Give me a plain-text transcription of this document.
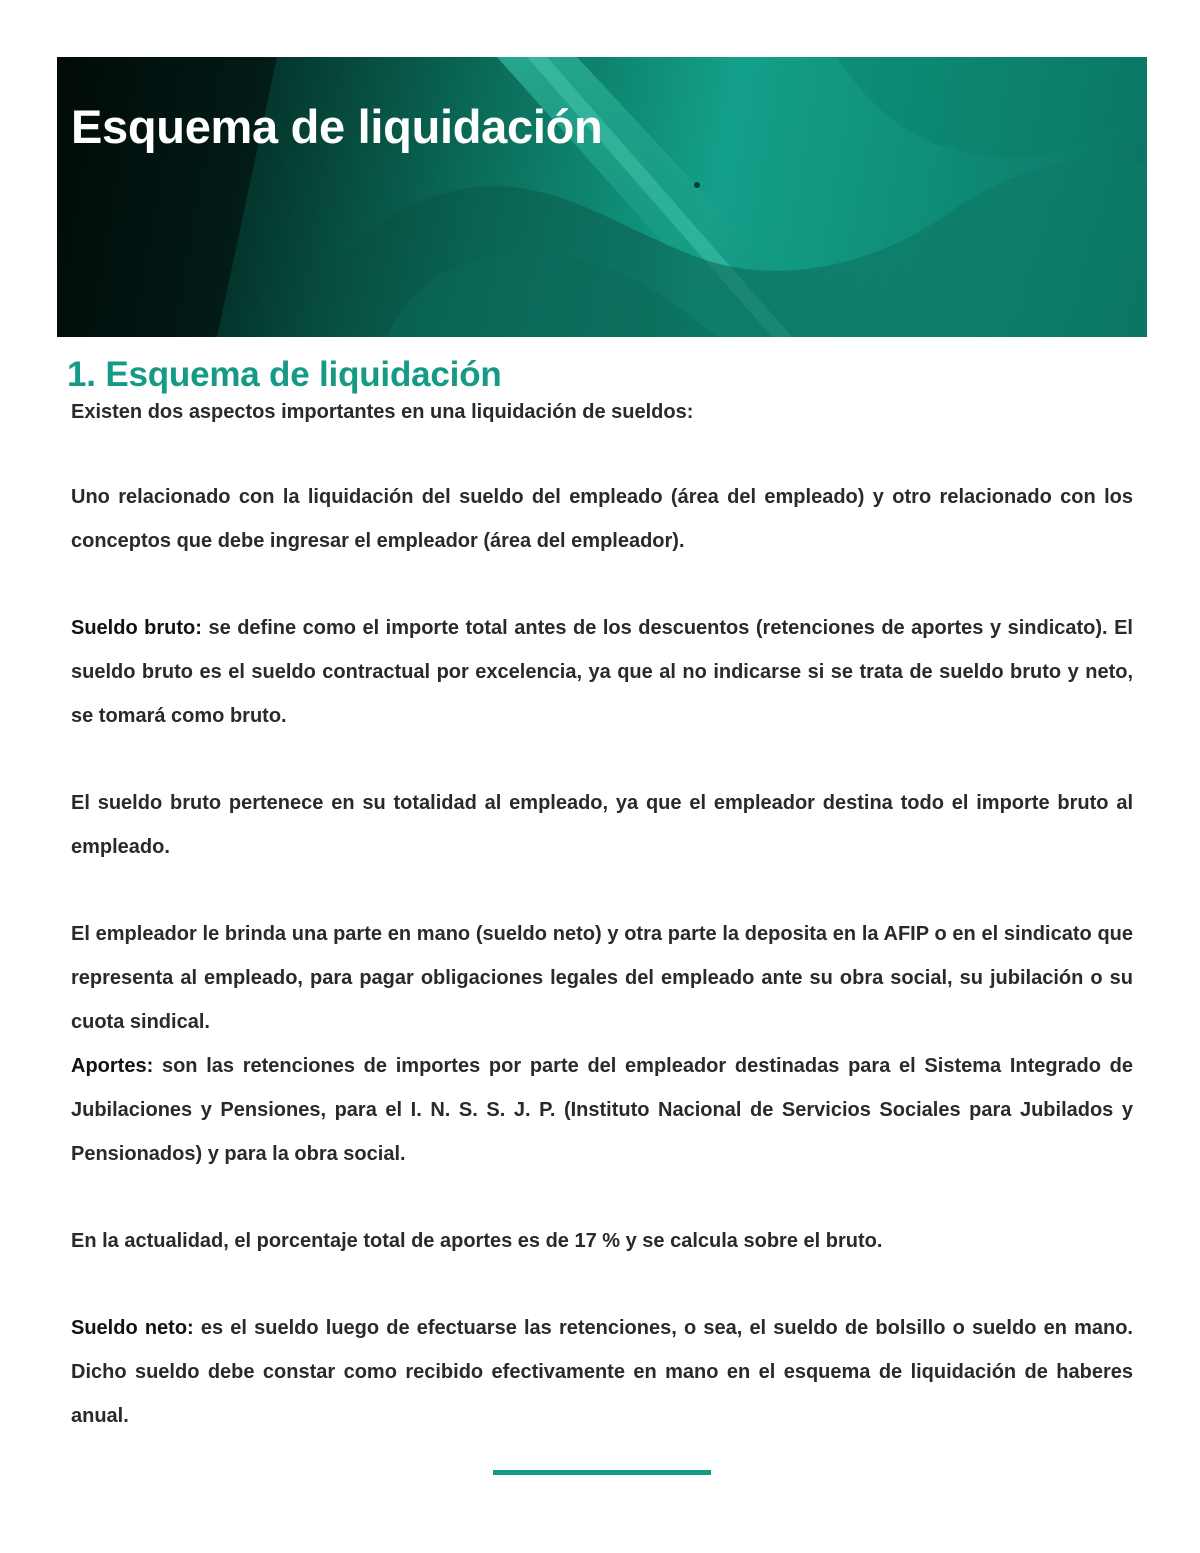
Esquema de liquidación
1. Esquema de liquidación

Existen dos aspectos importantes en una liquidación de sueldos:

Uno relacionado con la liquidación del sueldo del empleado (área del empleado) y otro relacionado con los conceptos que debe ingresar el empleador (área del empleador).

Sueldo bruto: se define como el importe total antes de los descuentos (retenciones de aportes y sindicato). El sueldo bruto es el sueldo contractual por excelencia, ya que al no indicarse si se trata de sueldo bruto y neto, se tomará como bruto.

El sueldo bruto pertenece en su totalidad al empleado, ya que el empleador destina todo el importe bruto al empleado.

El empleador le brinda una parte en mano (sueldo neto) y otra parte la deposita en la AFIP o en el sindicato que representa al empleado, para pagar obligaciones legales del empleado ante su obra social, su jubilación o su cuota sindical.

Aportes: son las retenciones de importes por parte del empleador destinadas para el Sistema Integrado de Jubilaciones y Pensiones, para el I. N. S. S. J. P. (Instituto Nacional de Servicios Sociales para Jubilados y Pensionados) y para la obra social.

En la actualidad, el porcentaje total de aportes es de 17 % y se calcula sobre el bruto.

Sueldo neto: es el sueldo luego de efectuarse las retenciones, o sea, el sueldo de bolsillo o sueldo en mano. Dicho sueldo debe constar como recibido efectivamente en mano en el esquema de liquidación de haberes anual.
